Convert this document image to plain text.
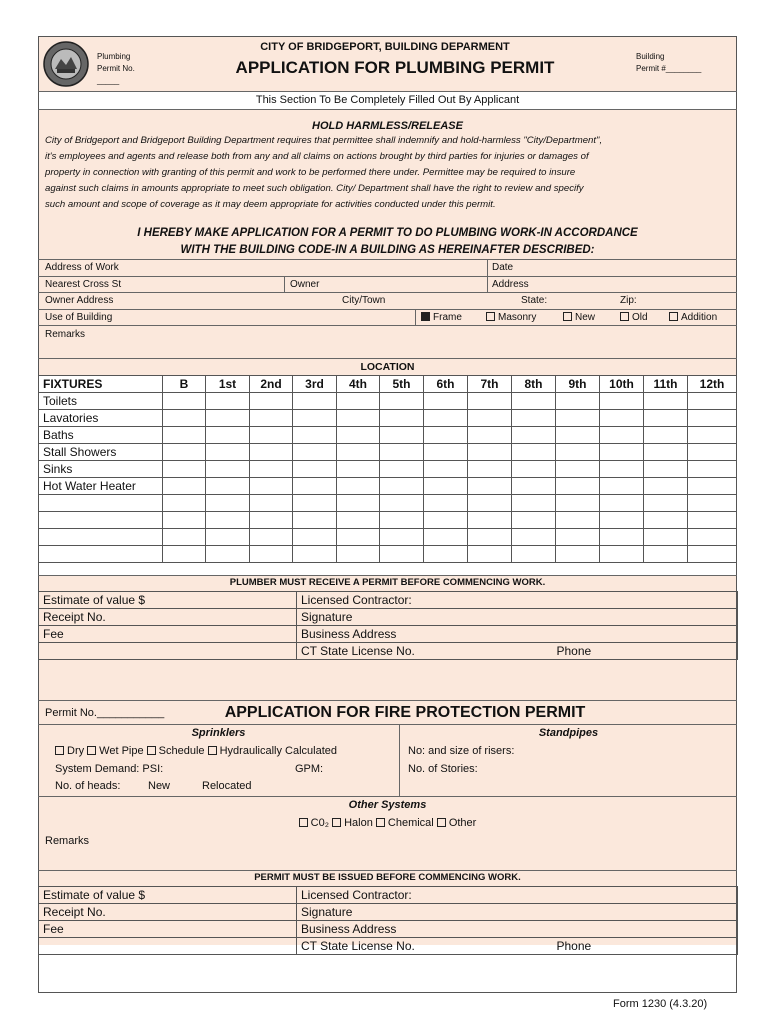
Plumbing
Permit No.
_____
CITY OF BRIDGEPORT, BUILDING DEPARMENT
APPLICATION FOR PLUMBING PERMIT
Building
Permit #________
This Section To Be Completely Filled Out By Applicant
HOLD HARMLESS/RELEASE
City of Bridgeport and Bridgeport Building Department requires that permittee shall indemnify and hold-harmless "City/Department",
it's employees and agents and release both from any and all claims on actions brought by third parties for injuries or damages of
property in connection with granting of this permit and work to be performed there under. Permittee may be required to insure
against such claims in amounts appropriate to meet such obligation. City/ Department shall have the right to review and specify
such amount and scope of coverage as it may deem appropriate for activities conducted under this permit.
I HEREBY MAKE APPLICATION FOR A PERMIT TO DO PLUMBING WORK-IN ACCORDANCE
WITH THE BUILDING CODE-IN A BUILDING AS HEREINAFTER DESCRIBED:
Address of Work	Date
Nearest Cross St	Owner	Address
Owner Address	City/Town	State:	Zip:
Use of Building	Frame	Masonry	New	Old	Addition
Remarks
LOCATION
FIXTURES	B	1st	2nd	3rd	4th	5th	6th	7th	8th	9th	10th	11th	12th
Toilets													
Lavatories													
Baths													
Stall Showers													
Sinks													
Hot Water Heater													

PLUMBER MUST RECEIVE A PERMIT BEFORE COMMENCING WORK.
Estimate of value $	Licensed Contractor:
Receipt No.	Signature
Fee	Business Address
	CT State License No. Phone
Permit No.___________	APPLICATION FOR FIRE PROTECTION PERMIT
Sprinklers	Standpipes
Dry Wet Pipe Schedule Hydraulically Calculated	No: and size of risers:
System Demand: PSI:	GPM:	No. of Stories:
No. of heads:	New	Relocated
Other Systems
C0₂ Halon Chemical Other
Remarks
PERMIT MUST BE ISSUED BEFORE COMMENCING WORK.
Estimate of value $	Licensed Contractor:
Receipt No.	Signature
Fee	Business Address
	CT State License No. Phone
Form 1230 (4.3.20)
